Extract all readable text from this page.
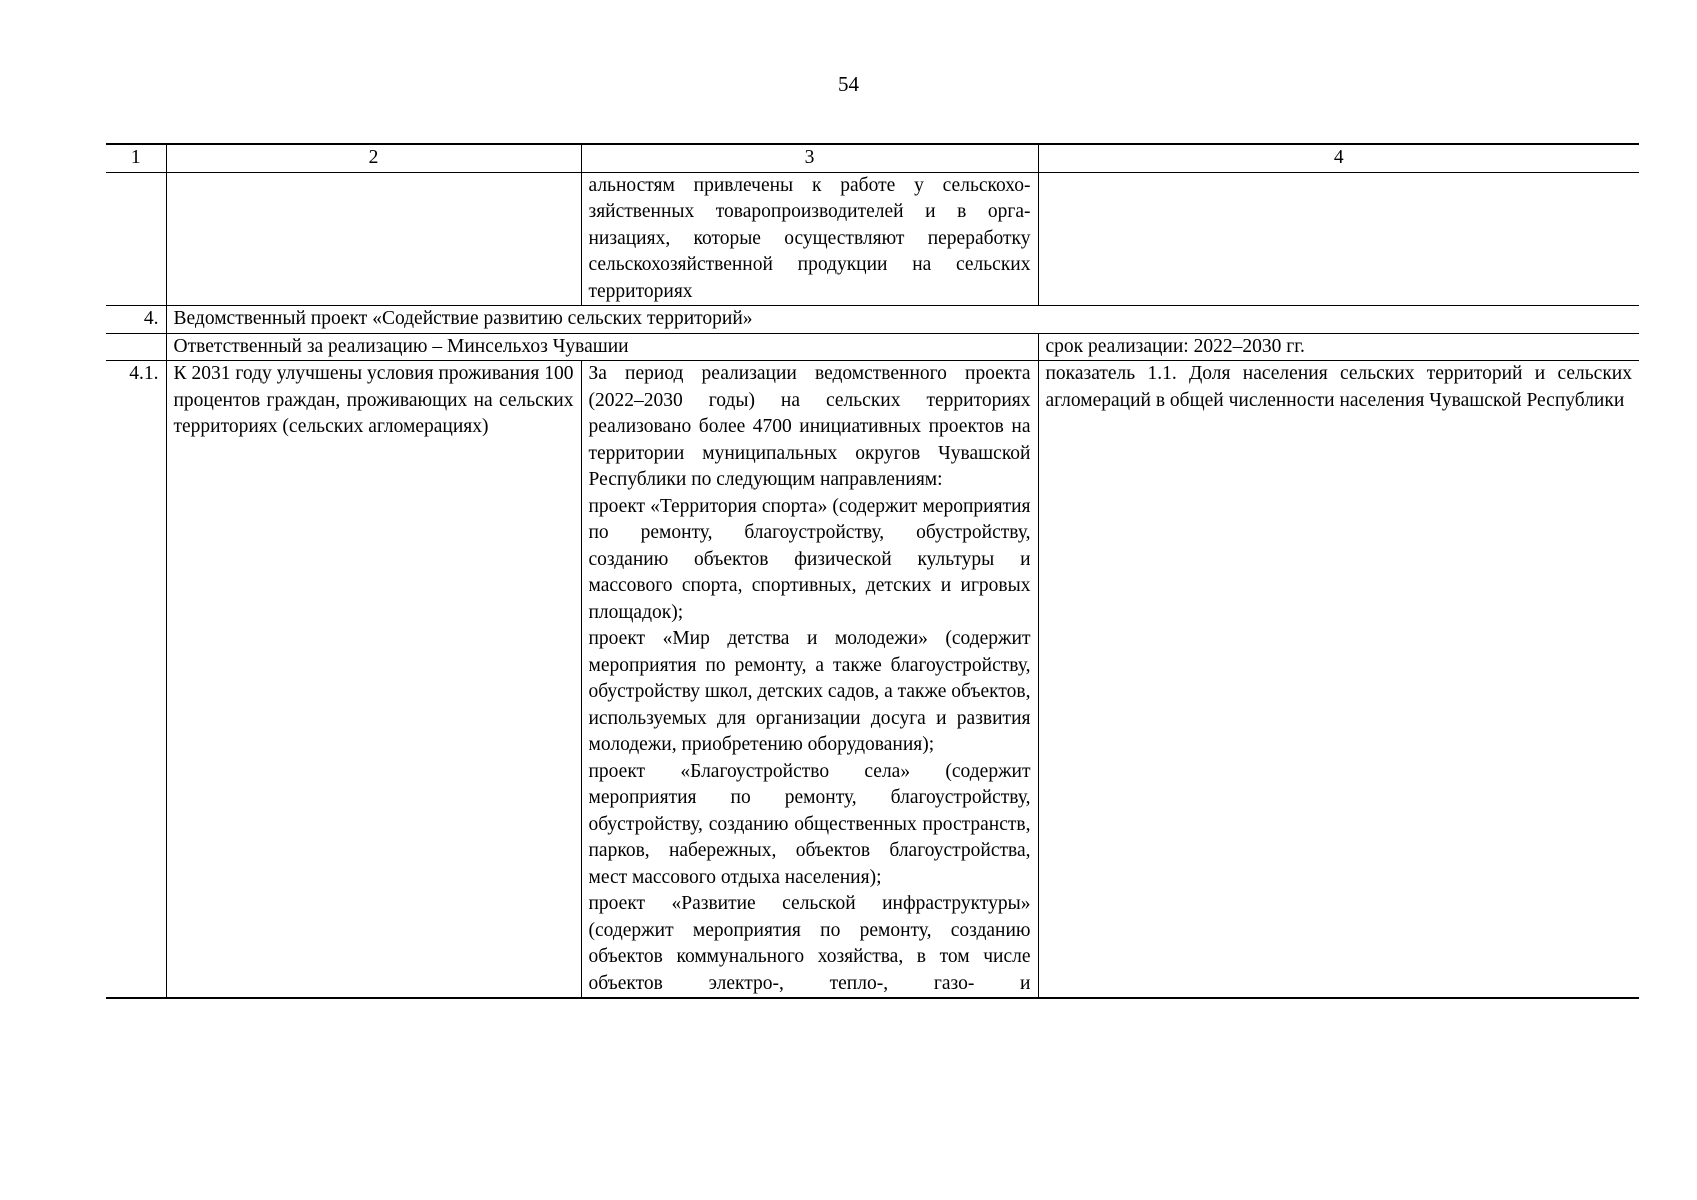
54
1	2	3	4
		альностям привлечены к работе у сельскохозяйственных товаропроизводителей и в организациях, которые осуществляют переработку сельскохозяйственной продукции на сельских территориях	
4.	Ведомственный проект «Содействие развитию сельских территорий»		
	Ответственный за реализацию – Минсельхоз Чувашии		срок реализации: 2022–2030 гг.
4.1.	К 2031 году улучшены условия проживания 100 процентов граждан, проживающих на сельских территориях (сельских агломерациях)	За период реализации ведомственного проекта (2022–2030 годы) на сельских территориях реализовано более 4700 инициативных проектов на территории муниципальных округов Чувашской Республики по следующим направлениям:
проект «Территория спорта» (содержит мероприятия по ремонту, благоустройству, обустройству, созданию объектов физической культуры и массового спорта, спортивных, детских и игровых площадок);
проект «Мир детства и молодежи» (содержит мероприятия по ремонту, а также благоустройству, обустройству школ, детских садов, а также объектов, используемых для организации досуга и развития молодежи, приобретению оборудования);
проект «Благоустройство села» (содержит мероприятия по ремонту, благоустройству, обустройству, созданию общественных пространств, парков, набережных, объектов благоустройства, мест массового отдыха населения);
проект «Развитие сельской инфраструктуры» (содержит мероприятия по ремонту, созданию объектов коммунального хозяйства, в том числе объектов электро-, тепло-, газо- и	показатель 1.1. Доля населения сельских территорий и сельских агломераций в общей численности населения Чувашской Республики
